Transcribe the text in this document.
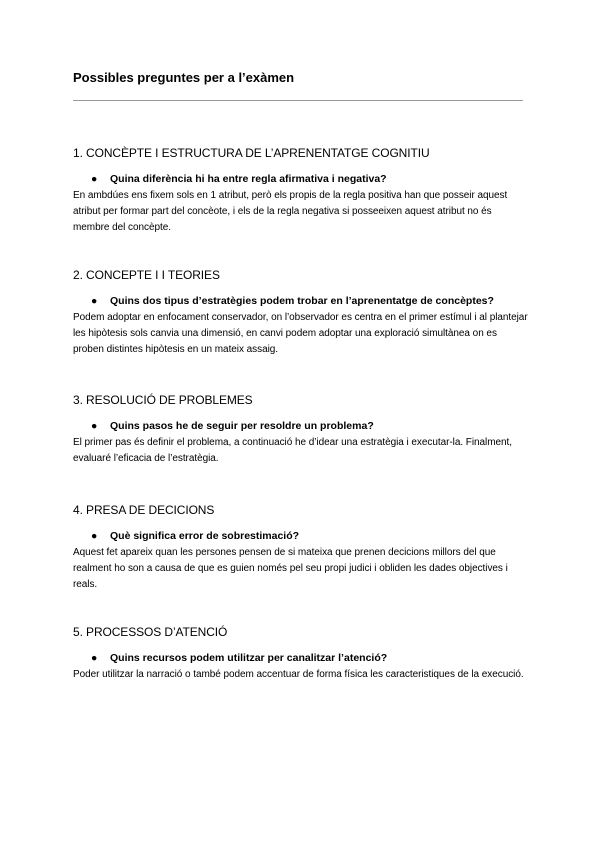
Possibles preguntes per a l’exàmen
1. CONCÈPTE I ESTRUCTURA DE L’APRENENTATGE COGNITIU

● Quina diferència hi ha entre regla afirmativa i negativa?

En ambdúes ens fixem sols en 1 atribut, però els propis de la regla positiva han que posseir aquest atribut per formar part del concèote, i els de la regla negativa si posseeixen aquest atribut no és membre del concèpte.

2. CONCEPTE I I TEORIES

● Quins dos tipus d’estratègies podem trobar en l’aprenentatge de concèptes?

Podem adoptar en enfocament conservador, on l’observador es centra en el primer estímul i al plantejar les hipòtesis sols canvia una dimensió, en canvi podem adoptar una exploració simultànea on es proben distintes hipòtesis en un mateix assaig.

3. RESOLUCIÓ DE PROBLEMES

● Quins pasos he de seguir per resoldre un problema?

El primer pas és definir el problema, a continuació he d’idear una estratègia i executar-la. Finalment, evaluaré l’eficacia de l’estratègia.

4. PRESA DE DECICIONS

● Què significa error de sobrestimació?

Aquest fet apareix quan les persones pensen de si mateixa que prenen decicions millors del que realment ho son a causa de que es guien només pel seu propi judici i obliden les dades objectives i reals.

5. PROCESSOS D’ATENCIÓ

● Quins recursos podem utilitzar per canalitzar l’atenció?

Poder utilitzar la narració o també podem accentuar de forma física les caracteristiques de la execució.
